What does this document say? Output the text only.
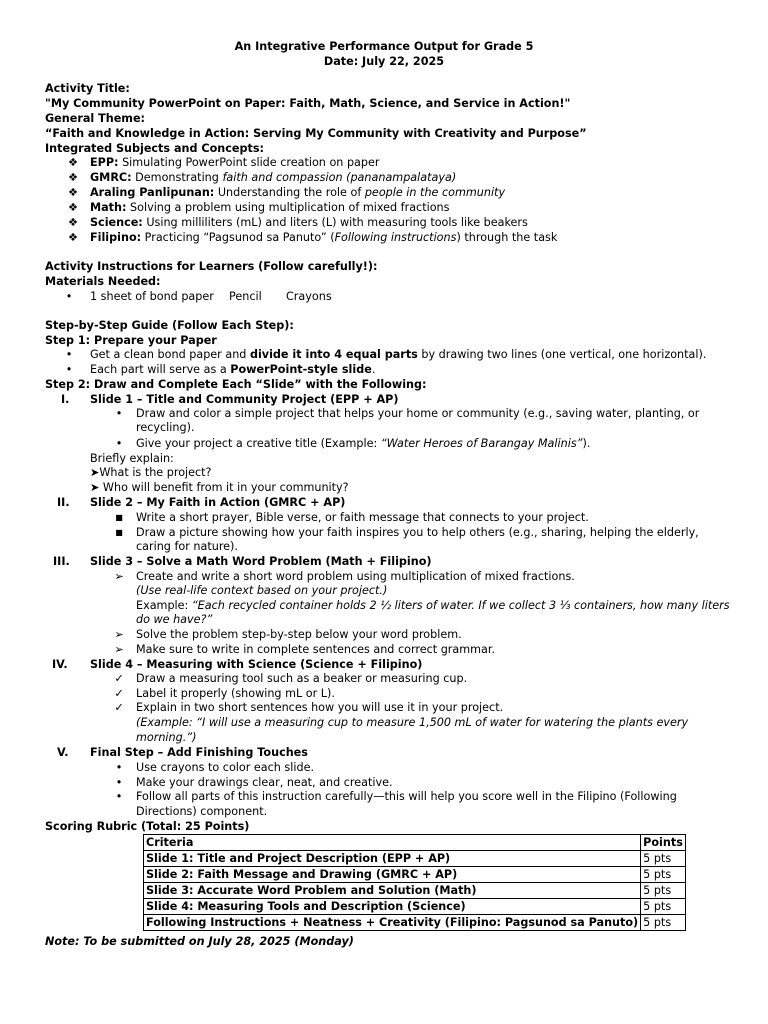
An Integrative Performance Output for Grade 5
Date: July 22, 2025
Activity Title:
"My Community PowerPoint on Paper: Faith, Math, Science, and Service in Action!"
General Theme:
“Faith and Knowledge in Action: Serving My Community with Creativity and Purpose”
Integrated Subjects and Concepts:
❖ EPP: Simulating PowerPoint slide creation on paper
❖ GMRC: Demonstrating faith and compassion (pananampalataya)
❖ Araling Panlipunan: Understanding the role of people in the community
❖ Math: Solving a problem using multiplication of mixed fractions
❖ Science: Using milliliters (mL) and liters (L) with measuring tools like beakers
❖ Filipino: Practicing “Pagsunod sa Panuto” (Following instructions) through the task
Activity Instructions for Learners (Follow carefully!):
Materials Needed:
•	1 sheet of bond paper Pencil Crayons
Step-by-Step Guide (Follow Each Step):
Step 1: Prepare your Paper
•	Get a clean bond paper and divide it into 4 equal parts by drawing two lines (one vertical, one horizontal).
•	Each part will serve as a PowerPoint-style slide.
Step 2: Draw and Complete Each “Slide” with the Following:
I. Slide 1 – Title and Community Project (EPP + AP)
•	Draw and color a simple project that helps your home or community (e.g., saving water, planting, or
recycling).
•	Give your project a creative title (Example: “Water Heroes of Barangay Malinis”).
Briefly explain:
➤What is the project?
➤ Who will benefit from it in your community?
II. Slide 2 – My Faith in Action (GMRC + AP)
■ Write a short prayer, Bible verse, or faith message that connects to your project.
■ Draw a picture showing how your faith inspires you to help others (e.g., sharing, helping the elderly,
caring for nature).
III. Slide 3 – Solve a Math Word Problem (Math + Filipino)
➢ Create and write a short word problem using multiplication of mixed fractions.
(Use real-life context based on your project.)
Example: “Each recycled container holds 2 ½ liters of water. If we collect 3 ⅓ containers, how many liters
do we have?”
➢ Solve the problem step-by-step below your word problem.
➢ Make sure to write in complete sentences and correct grammar.
IV. Slide 4 – Measuring with Science (Science + Filipino)
✓ Draw a measuring tool such as a beaker or measuring cup.
✓ Label it properly (showing mL or L).
✓ Explain in two short sentences how you will use it in your project.
(Example: “I will use a measuring cup to measure 1,500 mL of water for watering the plants every
morning.”)
V. Final Step – Add Finishing Touches
•	Use crayons to color each slide.
•	Make your drawings clear, neat, and creative.
•	Follow all parts of this instruction carefully—this will help you score well in the Filipino (Following
Directions) component.
Scoring Rubric (Total: 25 Points)
Criteria	Points
Slide 1: Title and Project Description (EPP + AP)	5 pts
Slide 2: Faith Message and Drawing (GMRC + AP)	5 pts
Slide 3: Accurate Word Problem and Solution (Math)	5 pts
Slide 4: Measuring Tools and Description (Science)	5 pts
Following Instructions + Neatness + Creativity (Filipino: Pagsunod sa Panuto)	5 pts
Note: To be submitted on July 28, 2025 (Monday)
